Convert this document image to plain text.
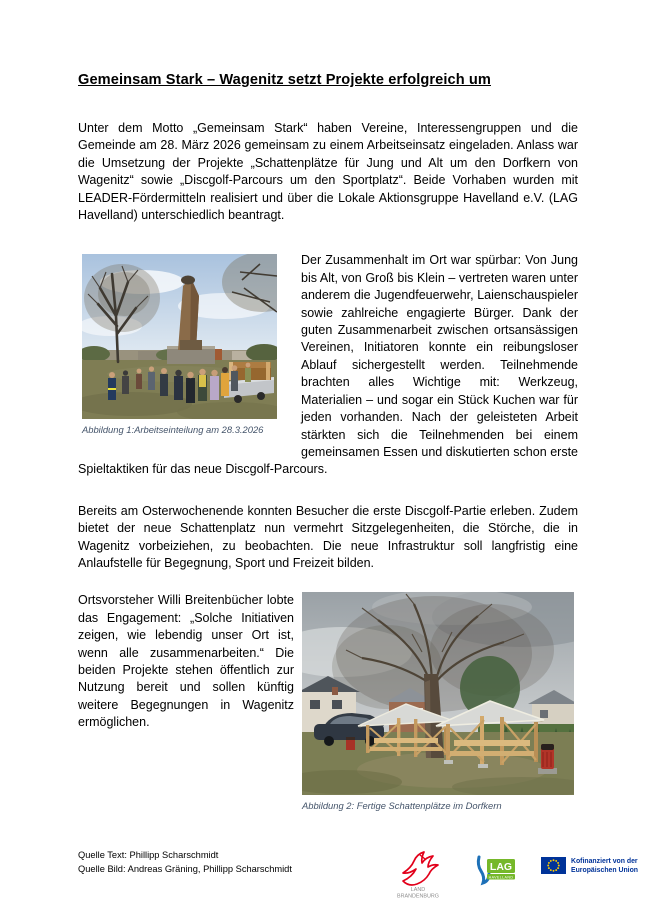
Gemeinsam Stark – Wagenitz setzt Projekte erfolgreich um

Unter dem Motto „Gemeinsam Stark“ haben Vereine, Interessengruppen und die Gemeinde am 28. März 2026 gemeinsam zu einem Arbeitseinsatz eingeladen. Anlass war die Umsetzung der Projekte „Schattenplätze für Jung und Alt um den Dorfkern von Wagenitz“ sowie „Discgolf-Parcours um den Sportplatz“. Beide Vorhaben wurden mit LEADER-Fördermitteln realisiert und über die Lokale Aktionsgruppe Havelland e.V. (LAG Havelland) unterschiedlich beantragt.

Abbildung 1:Arbeitseinteilung am 28.3.2026

Der Zusammenhalt im Ort war spürbar: Von Jung bis Alt, von Groß bis Klein – vertreten waren unter anderem die Jugendfeuerwehr, Laienschauspieler sowie zahlreiche engagierte Bürger. Dank der guten Zusammenarbeit zwischen ortsansässigen Vereinen, Initiatoren konnte ein reibungsloser Ablauf sichergestellt werden. Teilnehmende brachten alles Wichtige mit: Werkzeug, Materialien – und sogar ein Stück Kuchen war für jeden vorhanden. Nach der geleisteten Arbeit stärkten sich die Teilnehmenden bei einem gemeinsamen Essen und diskutierten schon erste Spieltaktiken für das neue Discgolf-Parcours.

Bereits am Osterwochenende konnten Besucher die erste Discgolf-Partie erleben. Zudem bietet der neue Schattenplatz nun vermehrt Sitzgelegenheiten, die Störche, die in Wagenitz vorbeiziehen, zu beobachten. Die neue Infrastruktur soll langfristig eine Anlaufstelle für Begegnung, Sport und Freizeit bilden.

Abbildung 2: Fertige Schattenplätze im Dorfkern

Ortsvorsteher Willi Breitenbücher lobte das Engagement: „Solche Initiativen zeigen, wie lebendig unser Ort ist, wenn alle zusammenarbeiten.“ Die beiden Projekte stehen öffentlich zur Nutzung bereit und sollen künftig weitere Begegnungen in Wagenitz ermöglichen.

Quelle Text: Phillipp Scharschmidt
Quelle Bild: Andreas Gräning, Phillipp Scharschmidt
LAND
BRANDENBURG
LAG
HAVELLAND
Kofinanziert von der
Europäischen Union
